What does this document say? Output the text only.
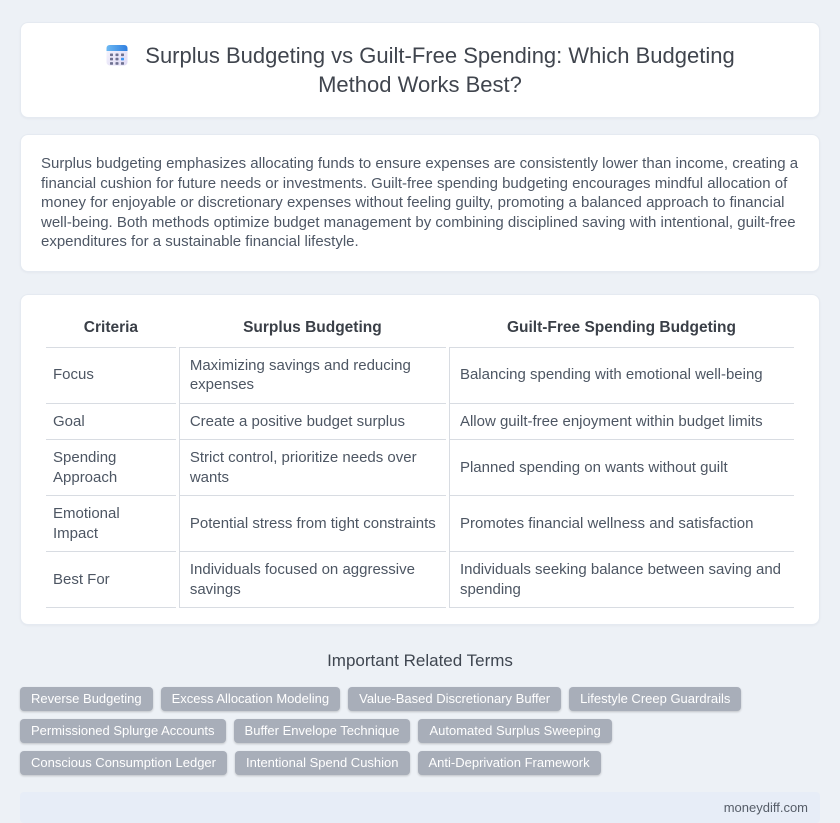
Surplus Budgeting vs Guilt-Free Spending: Which Budgeting
Method Works Best?

Surplus budgeting emphasizes allocating funds to ensure expenses are consistently lower than income, creating a financial cushion for future needs or investments. Guilt-free spending budgeting encourages mindful allocation of money for enjoyable or discretionary expenses without feeling guilty, promoting a balanced approach to financial well-being. Both methods optimize budget management by combining disciplined saving with intentional, guilt-free expenditures for a sustainable financial lifestyle.

Criteria	Surplus Budgeting	Guilt-Free Spending Budgeting
Focus	Maximizing savings and reducing expenses	Balancing spending with emotional well-being
Goal	Create a positive budget surplus	Allow guilt-free enjoyment within budget limits
Spending Approach	Strict control, prioritize needs over wants	Planned spending on wants without guilt
Emotional Impact	Potential stress from tight constraints	Promotes financial wellness and satisfaction
Best For	Individuals focused on aggressive savings	Individuals seeking balance between saving and spending
Important Related Terms
Reverse Budgeting	Excess Allocation Modeling	Value-Based Discretionary Buffer	Lifestyle Creep Guardrails
Permissioned Splurge Accounts	Buffer Envelope Technique	Automated Surplus Sweeping
Conscious Consumption Ledger	Intentional Spend Cushion	Anti-Deprivation Framework
moneydiff.com
